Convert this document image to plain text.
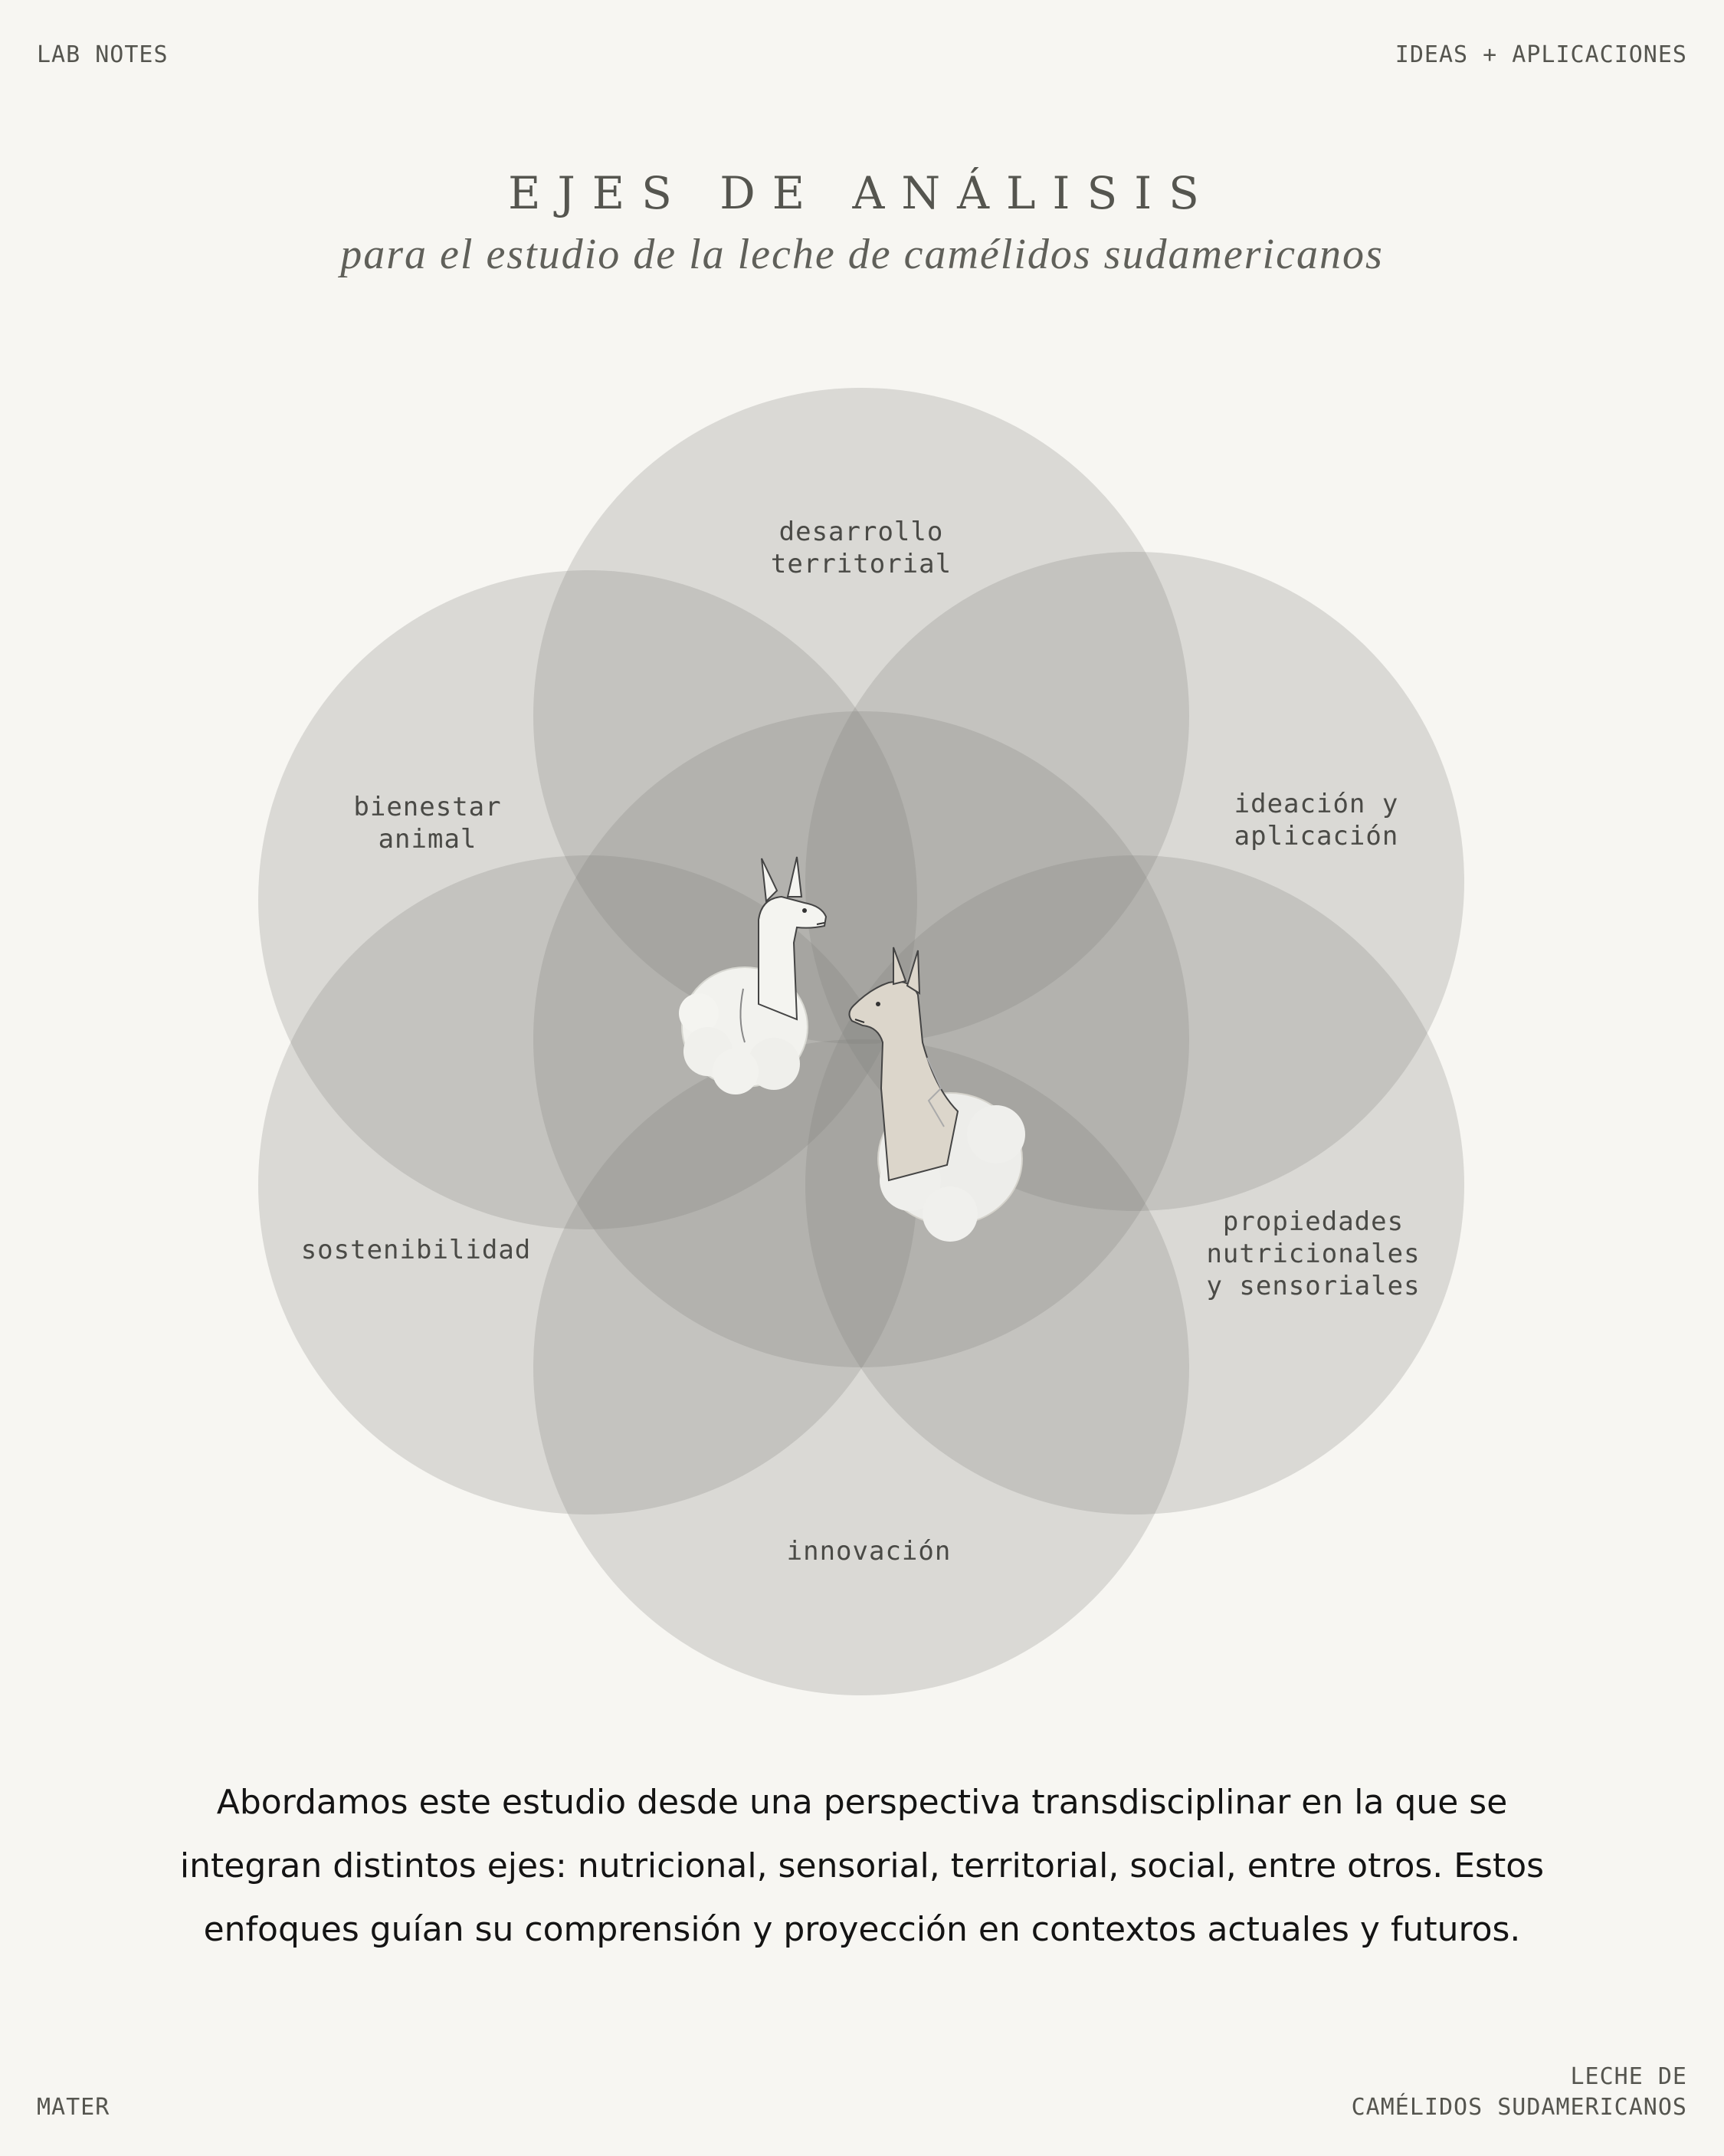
LAB NOTES	IDEAS + APLICACIONES
EJES DE ANÁLISIS
para el estudio de la leche de camélidos sudamericanos
desarrollo
territorial
ideación y
aplicación
propiedades
nutricionales
y sensoriales
innovación
sostenibilidad
bienestar
animal
Abordamos este estudio desde una perspectiva transdisciplinar en la que se
integran distintos ejes: nutricional, sensorial, territorial, social, entre otros. Estos
enfoques guían su comprensión y proyección en contextos actuales y futuros.
MATER
LECHE DE
CAMÉLIDOS SUDAMERICANOS
